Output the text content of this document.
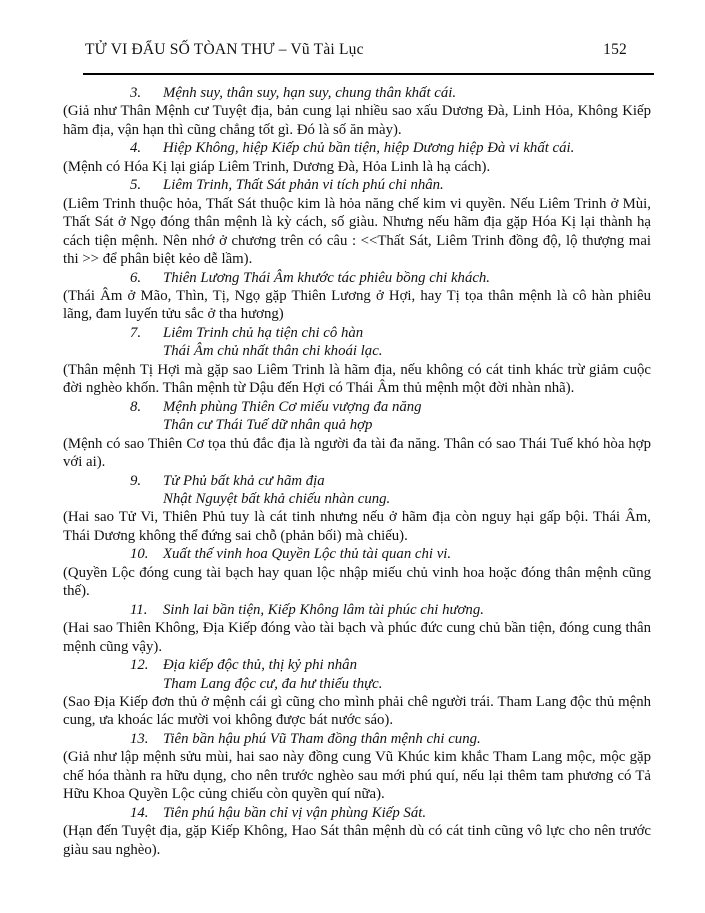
TỬ VI ĐẨU SỐ TÒAN THƯ – Vũ Tài Lục	152
3. Mệnh suy, thân suy, hạn suy, chung thân khất cái.
(Giả như Thân Mệnh cư Tuyệt địa, bản cung lại nhiều sao xấu Dương Đà, Linh Hỏa, Không Kiếp hãm địa, vận hạn thì cũng chẳng tốt gì. Đó là số ăn mày).
4. Hiệp Không, hiệp Kiếp chủ bần tiện, hiệp Dương hiệp Đà vi khất cái.
(Mệnh có Hóa Kị lại giáp Liêm Trinh, Dương Đà, Hỏa Linh là hạ cách).
5. Liêm Trinh, Thất Sát phản vi tích phú chi nhân.
(Liêm Trinh thuộc hỏa, Thất Sát thuộc kim là hỏa năng chế kim vi quyền. Nếu Liêm Trinh ở Mùi, Thất Sát ở Ngọ đóng thân mệnh là kỳ cách, số giàu. Nhưng nếu hãm địa gặp Hóa Kị lại thành hạ cách tiện mệnh. Nên nhớ ở chương trên có câu : <<Thất Sát, Liêm Trinh đồng độ, lộ thượng mai thi >> để phân biệt kẻo dễ lầm).
6. Thiên Lương Thái Âm khước tác phiêu bồng chi khách.
(Thái Âm ở Mão, Thìn, Tị, Ngọ gặp Thiên Lương ở Hợi, hay Tị tọa thân mệnh là cô hàn phiêu lãng, đam luyến tửu sắc ở tha hương)
7. Liêm Trinh chủ hạ tiện chi cô hàn
Thái Âm chủ nhất thân chi khoái lạc.
(Thân mệnh Tị Hợi mà gặp sao Liêm Trinh là hãm địa, nếu không có cát tinh khác trừ giảm cuộc đời nghèo khốn. Thân mệnh từ Dậu đến Hợi có Thái Âm thủ mệnh một đời nhàn nhã).
8. Mệnh phùng Thiên Cơ miếu vượng đa năng
Thân cư Thái Tuế dữ nhân quả hợp
(Mệnh có sao Thiên Cơ tọa thủ đắc địa là người đa tài đa năng. Thân có sao Thái Tuế khó hòa hợp với ai).
9. Tử Phủ bất khả cư hãm địa
Nhật Nguyệt bất khả chiếu nhàn cung.
(Hai sao Tử Vi, Thiên Phủ tuy là cát tinh nhưng nếu ở hãm địa còn nguy hại gấp bội. Thái Âm, Thái Dương không thể đứng sai chỗ (phản bối) mà chiếu).
10. Xuất thế vinh hoa Quyền Lộc thủ tài quan chi vi.
(Quyền Lộc đóng cung tài bạch hay quan lộc nhập miếu chủ vinh hoa hoặc đóng thân mệnh cũng thế).
11. Sinh lai bần tiện, Kiếp Không lâm tài phúc chi hương.
(Hai sao Thiên Không, Địa Kiếp đóng vào tài bạch và phúc đức cung chủ bần tiện, đóng cung thân mệnh cũng vậy).
12. Địa kiếp độc thủ, thị kỷ phi nhân
Tham Lang độc cư, đa hư thiếu thực.
(Sao Địa Kiếp đơn thủ ở mệnh cái gì cũng cho mình phải chê người trái. Tham Lang độc thủ mệnh cung, ưa khoác lác mười voi không được bát nước sáo).
13. Tiên bần hậu phú Vũ Tham đồng thân mệnh chi cung.
(Giả như lập mệnh sửu mùi, hai sao này đồng cung Vũ Khúc kim khắc Tham Lang mộc, mộc gặp chế hóa thành ra hữu dụng, cho nên trước nghèo sau mới phú quí, nếu lại thêm tam phương có Tả Hữu Khoa Quyền Lộc củng chiếu còn quyền quí nữa).
14. Tiên phú hậu bần chỉ vị vận phùng Kiếp Sát.
(Hạn đến Tuyệt địa, gặp Kiếp Không, Hao Sát thân mệnh dù có cát tinh cũng vô lực cho nên trước giàu sau nghèo).
